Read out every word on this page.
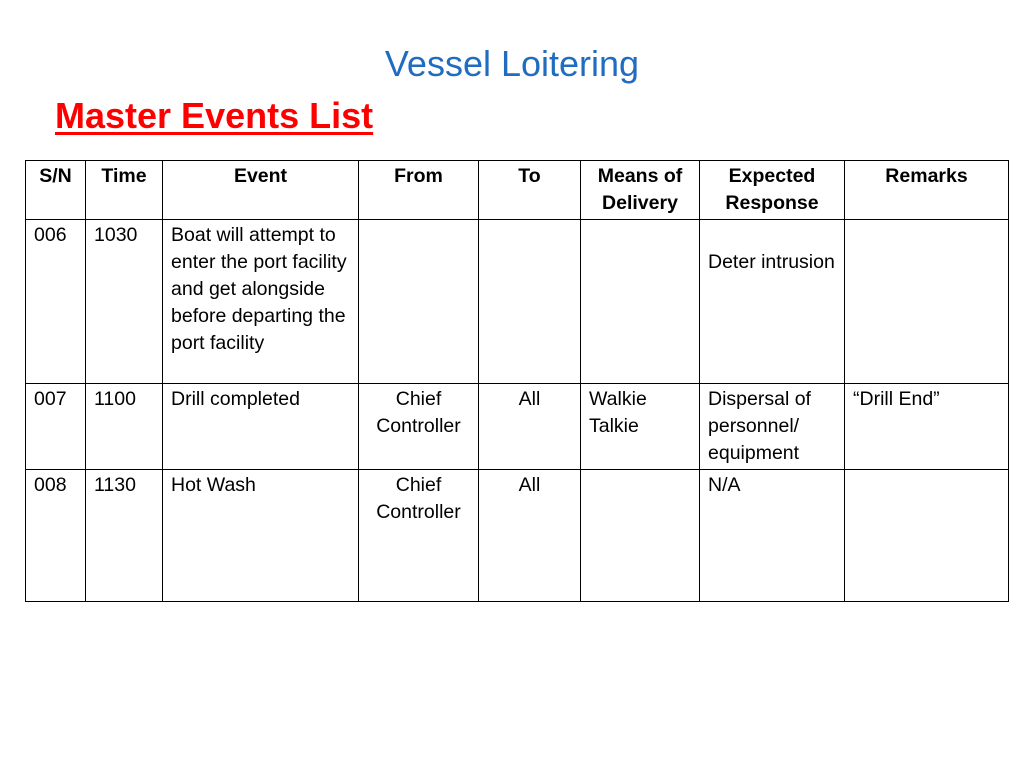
Vessel Loitering
Master Events List
S/N	Time	Event	From	To	Means of Delivery	Expected Response	Remarks
006	1030	Boat will attempt to enter the port facility and get alongside before departing the port facility				Deter intrusion	

007	1100	Drill completed	Chief Controller	All	Walkie Talkie	Dispersal of personnel/ equipment	“Drill End”
008	1130	Hot Wash	Chief Controller	All		N/A	
